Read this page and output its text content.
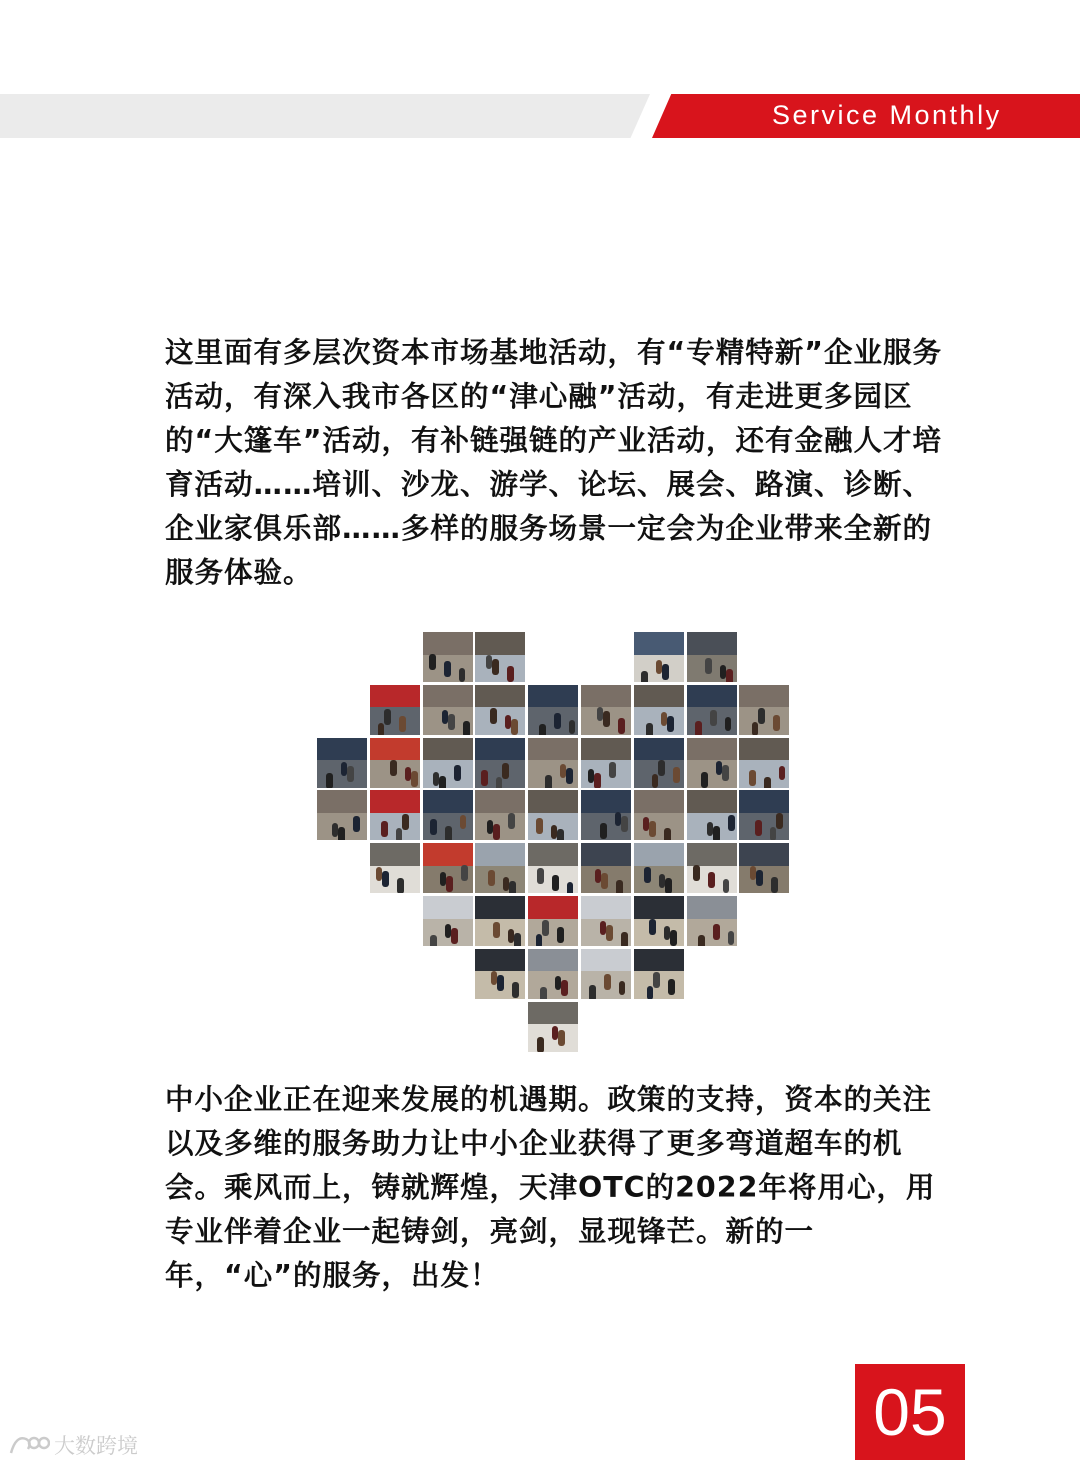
Service Monthly

这里面有多层次资本市场基地活动，有“专精特新”企业服务活动，有深入我市各区的“津心融”活动，有走进更多园区的“大篷车”活动，有补链强链的产业活动，还有金融人才培育活动……培训、沙龙、游学、论坛、展会、路演、诊断、企业家俱乐部……多样的服务场景一定会为企业带来全新的服务体验。

中小企业正在迎来发展的机遇期。政策的支持，资本的关注以及多维的服务助力让中小企业获得了更多弯道超车的机会。乘风而上，铸就辉煌，天津OTC的2022年将用心，用专业伴着企业一起铸剑，亮剑，显现锋芒。新的一年，“心”的服务，出发！

05
大数跨境
